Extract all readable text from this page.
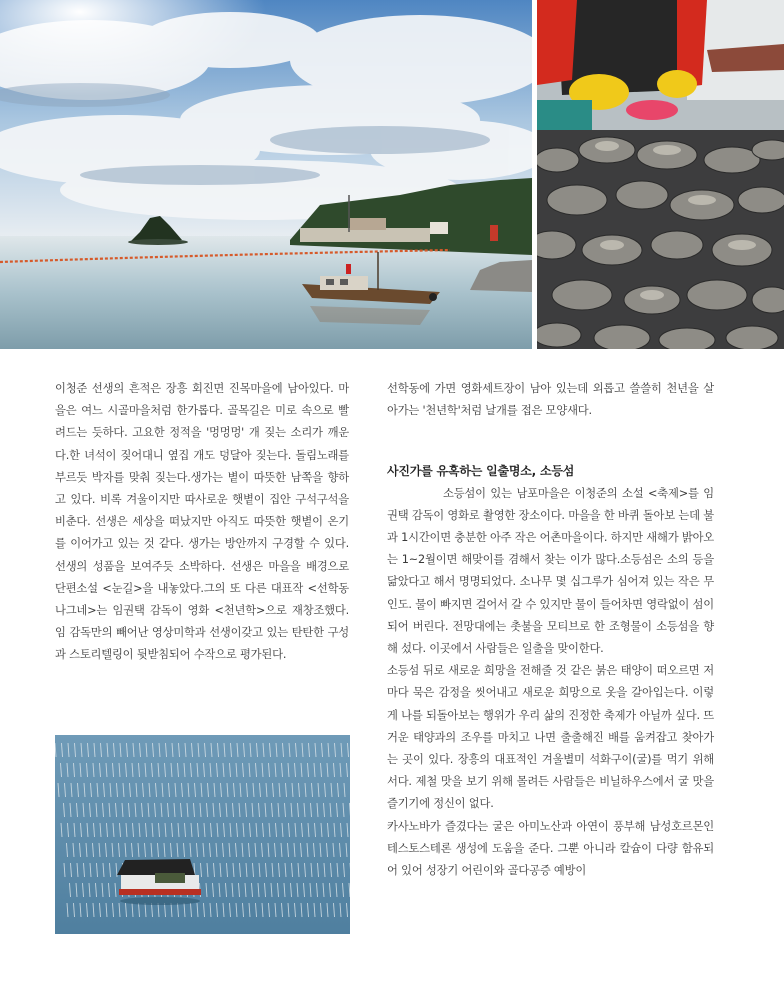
이청준 선생의 흔적은 장흥 회진면 진목마을에 남아있다. 마을은 여느 시골마을처럼 한가롭다. 골목길은 미로 속으로 빨려드는 듯하다. 고요한 정적을 '멍멍멍' 개 짖는 소리가 깨운다.한 녀석이 짖어대니 옆집 개도 덩달아 짖는다. 돌림노래를 부르듯 박자를 맞춰 짖는다.생가는 볕이 따뜻한 남쪽을 향하고 있다. 비록 겨울이지만 따사로운 햇볕이 집안 구석구석을 비춘다. 선생은 세상을 떠났지만 아직도 따뜻한 햇볕이 온기를 이어가고 있는 것 같다. 생가는 방안까지 구경할 수 있다. 선생의 성품을 보여주듯 소박하다. 선생은 마을을 배경으로 단편소설 <눈길>을 내놓았다.그의 또 다른 대표작 <선학동 나그네>는 임권택 감독이 영화 <천년학>으로 재창조했다. 임 감독만의 빼어난 영상미학과 선생이갖고 있는 탄탄한 구성과 스토리텔링이 뒷받침되어 수작으로 평가된다.

선학동에 가면 영화세트장이 남아 있는데 외롭고 쓸쓸히 천년을 살아가는 '천년학'처럼 날개를 접은 모양새다.

사진가를 유혹하는 일출명소, 소등섬

소등섬이 있는 남포마을은 이청준의 소설 <축제>를 임권택 감독이 영화로 촬영한 장소이다. 마을을 한 바퀴 돌아보 는데 불과 1시간이면 충분한 아주 작은 어촌마을이다. 하지만 새해가 밝아오는 1~2월이면 해맞이를 겸해서 찾는 이가 많다.소등섬은 소의 등을 닮았다고 해서 명명되었다. 소나무 몇 십그루가 심어져 있는 작은 무인도. 물이 빠지면 걸어서 갈 수 있지만 물이 들어차면 영락없이 섬이 되어 버린다. 전망대에는 촛불을 모티브로 한 조형물이 소등섬을 향해 섰다. 이곳에서 사람들은 일출을 맞이한다.

소등섬 뒤로 새로운 희망을 전해줄 것 같은 붉은 태양이 떠오르면 저마다 묵은 감정을 씻어내고 새로운 희망으로 옷을 갈아입는다. 이렇게 나를 되돌아보는 행위가 우리 삶의 진정한 축제가 아닐까 싶다. 뜨거운 태양과의 조우를 마치고 나면 출출해진 배를 움켜잡고 찾아가는 곳이 있다. 장흥의 대표적인 겨울별미 석화구이(굴)를 먹기 위해서다. 제철 맛을 보기 위해 몰려든 사람들은 비닐하우스에서 굴 맛을 즐기기에 정신이 없다.

카사노바가 즐겼다는 굴은 아미노산과 아연이 풍부해 남성호르몬인 테스토스테론 생성에 도움을 준다. 그뿐 아니라 칼슘이 다량 함유되어 있어 성장기 어린이와 골다공증 예방이
